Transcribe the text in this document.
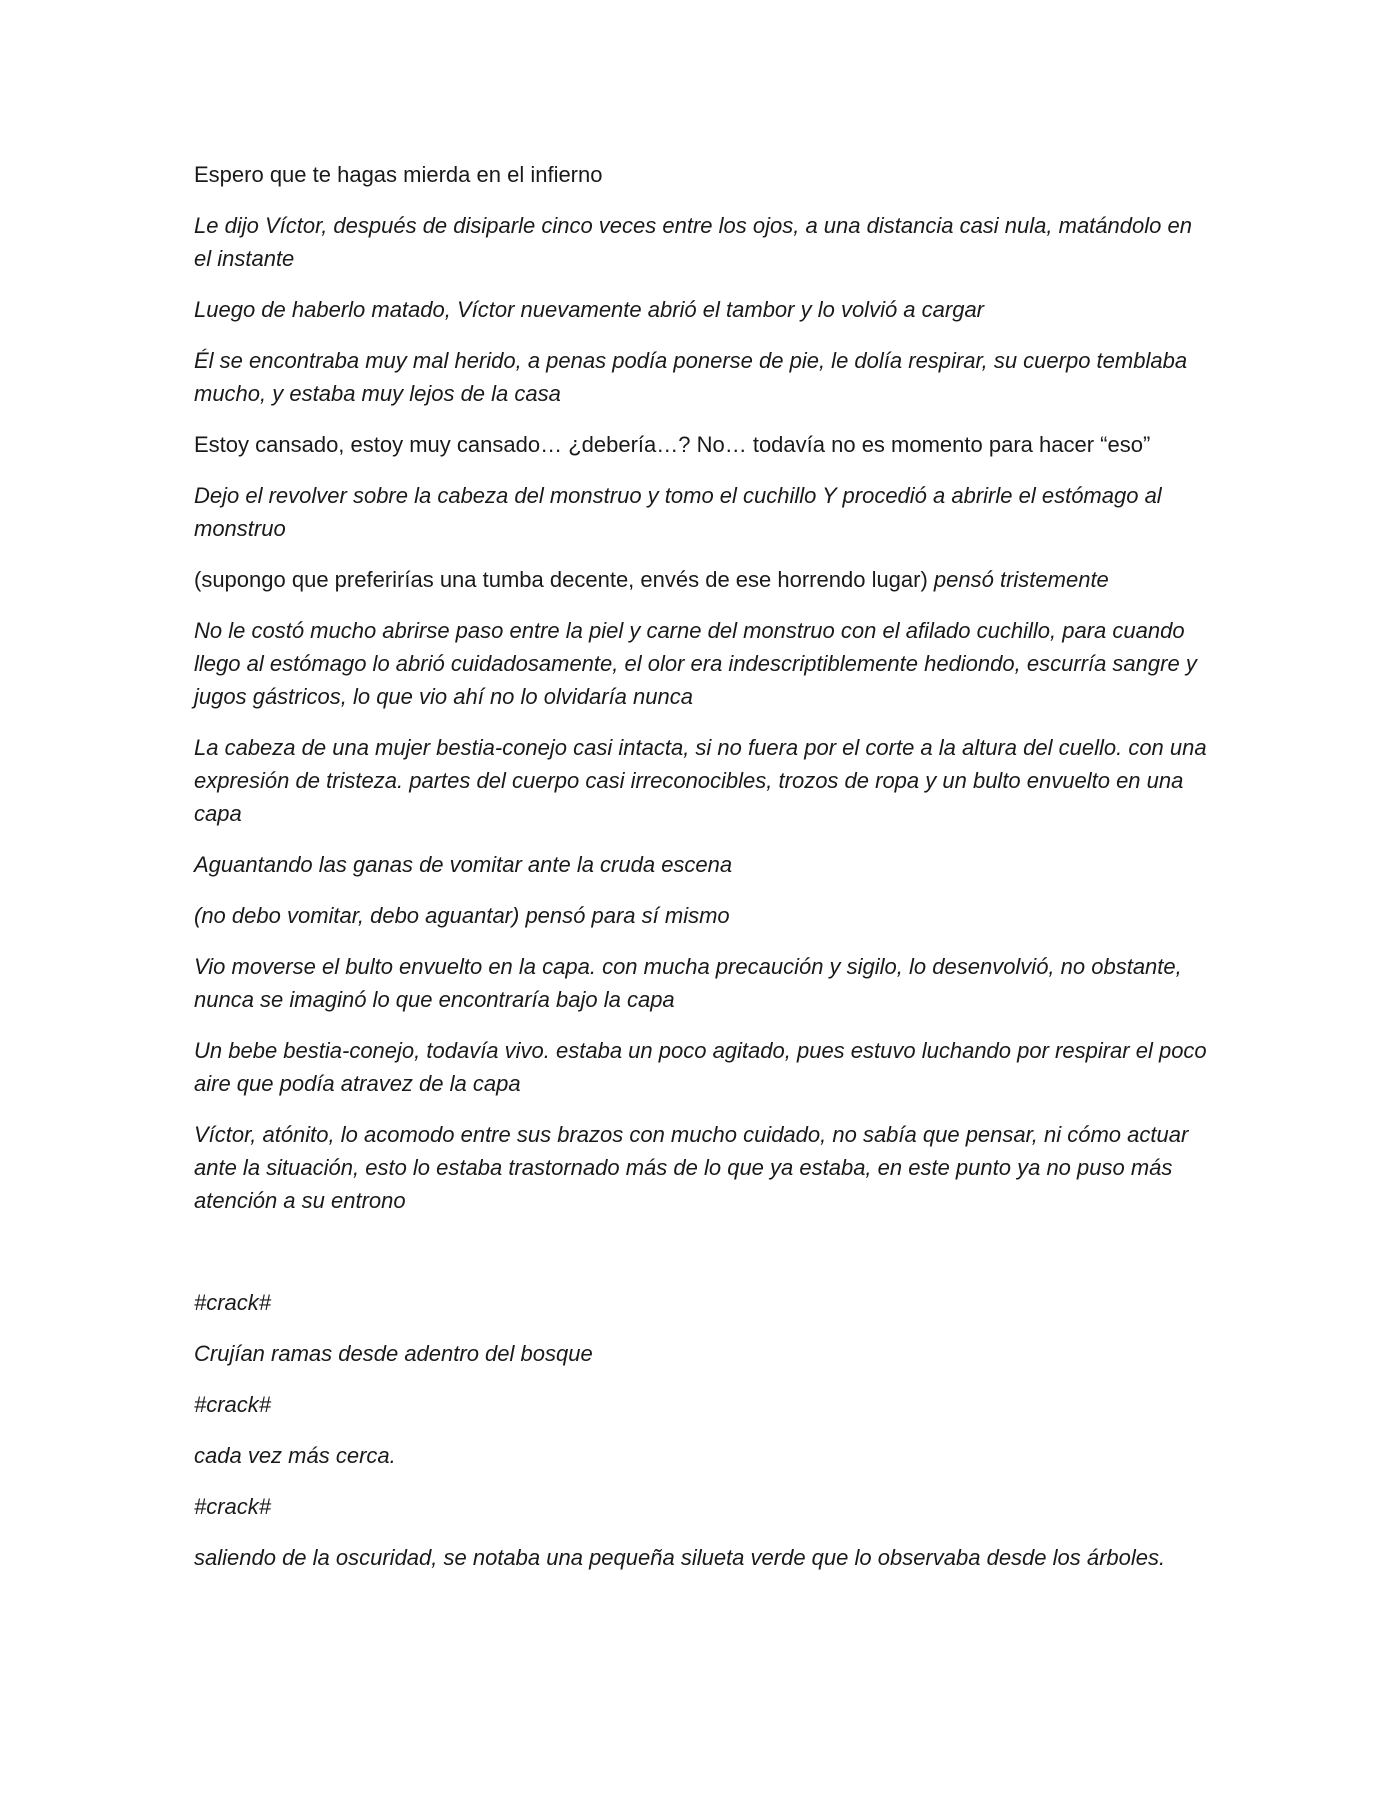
Espero que te hagas mierda en el infierno

Le dijo Víctor, después de disiparle cinco veces entre los ojos, a una distancia casi nula, matándolo en el instante

Luego de haberlo matado, Víctor nuevamente abrió el tambor y lo volvió a cargar

Él se encontraba muy mal herido, a penas podía ponerse de pie, le dolía respirar, su cuerpo temblaba mucho, y estaba muy lejos de la casa

Estoy cansado, estoy muy cansado… ¿debería…? No… todavía no es momento para hacer “eso”

Dejo el revolver sobre la cabeza del monstruo y tomo el cuchillo Y procedió a abrirle el estómago al monstruo

(supongo que preferirías una tumba decente, envés de ese horrendo lugar) pensó tristemente

No le costó mucho abrirse paso entre la piel y carne del monstruo con el afilado cuchillo, para cuando llego al estómago lo abrió cuidadosamente, el olor era indescriptiblemente hediondo, escurría sangre y jugos gástricos, lo que vio ahí no lo olvidaría nunca

La cabeza de una mujer bestia-conejo casi intacta, si no fuera por el corte a la altura del cuello. con una expresión de tristeza. partes del cuerpo casi irreconocibles, trozos de ropa y un bulto envuelto en una capa

Aguantando las ganas de vomitar ante la cruda escena

(no debo vomitar, debo aguantar) pensó para sí mismo

Vio moverse el bulto envuelto en la capa. con mucha precaución y sigilo, lo desenvolvió, no obstante, nunca se imaginó lo que encontraría bajo la capa

Un bebe bestia-conejo, todavía vivo. estaba un poco agitado, pues estuvo luchando por respirar el poco aire que podía atravez de la capa

Víctor, atónito, lo acomodo entre sus brazos con mucho cuidado, no sabía que pensar, ni cómo actuar ante la situación, esto lo estaba trastornado más de lo que ya estaba, en este punto ya no puso más atención a su entrono

#crack#

Crujían ramas desde adentro del bosque

#crack#

cada vez más cerca.

#crack#

saliendo de la oscuridad, se notaba una pequeña silueta verde que lo observaba desde los árboles.
